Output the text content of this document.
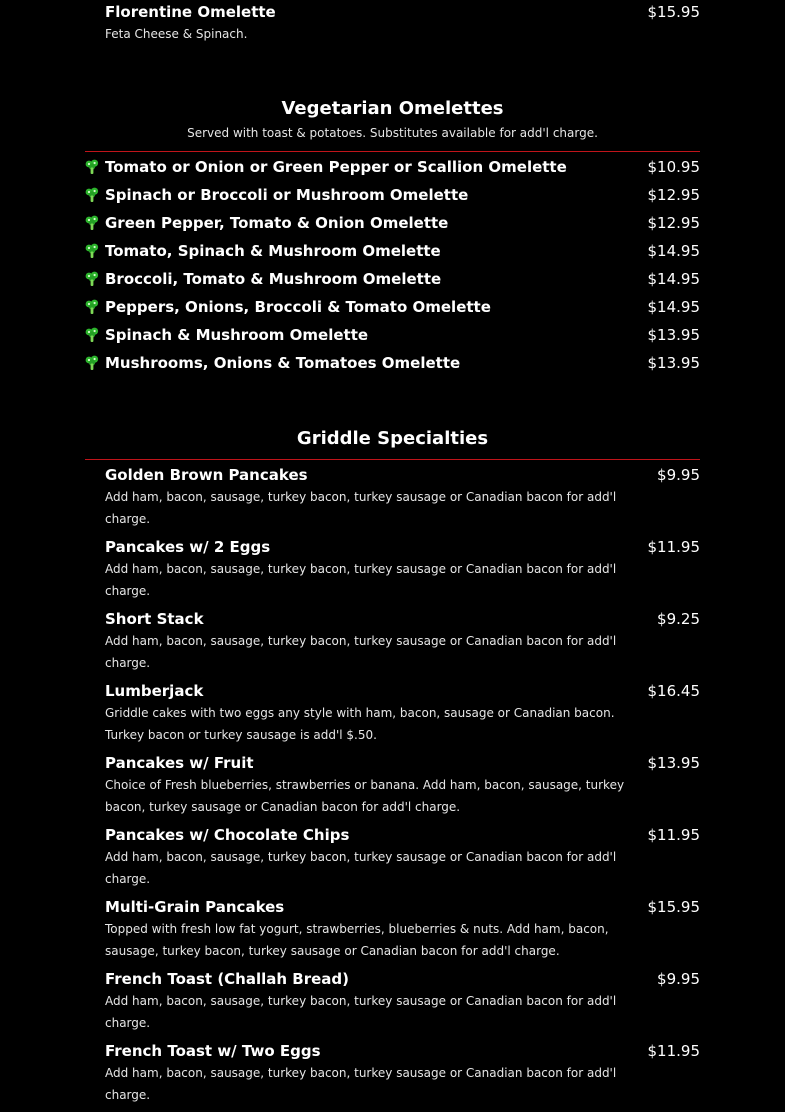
Florentine Omelette	$15.95
Feta Cheese & Spinach.
Vegetarian Omelettes
Served with toast & potatoes. Substitutes available for add'l charge.
Tomato or Onion or Green Pepper or Scallion Omelette	$10.95
Spinach or Broccoli or Mushroom Omelette	$12.95
Green Pepper, Tomato & Onion Omelette	$12.95
Tomato, Spinach & Mushroom Omelette	$14.95
Broccoli, Tomato & Mushroom Omelette	$14.95
Peppers, Onions, Broccoli & Tomato Omelette	$14.95
Spinach & Mushroom Omelette	$13.95
Mushrooms, Onions & Tomatoes Omelette	$13.95
Griddle Specialties
Golden Brown Pancakes	$9.95
Add ham, bacon, sausage, turkey bacon, turkey sausage or Canadian bacon for add'l charge.
Pancakes w/ 2 Eggs	$11.95
Add ham, bacon, sausage, turkey bacon, turkey sausage or Canadian bacon for add'l charge.
Short Stack	$9.25
Add ham, bacon, sausage, turkey bacon, turkey sausage or Canadian bacon for add'l charge.
Lumberjack	$16.45
Griddle cakes with two eggs any style with ham, bacon, sausage or Canadian bacon. Turkey bacon or turkey sausage is add'l $.50.
Pancakes w/ Fruit	$13.95
Choice of Fresh blueberries, strawberries or banana. Add ham, bacon, sausage, turkey bacon, turkey sausage or Canadian bacon for add'l charge.
Pancakes w/ Chocolate Chips	$11.95
Add ham, bacon, sausage, turkey bacon, turkey sausage or Canadian bacon for add'l charge.
Multi-Grain Pancakes	$15.95
Topped with fresh low fat yogurt, strawberries, blueberries & nuts. Add ham, bacon, sausage, turkey bacon, turkey sausage or Canadian bacon for add'l charge.
French Toast (Challah Bread)	$9.95
Add ham, bacon, sausage, turkey bacon, turkey sausage or Canadian bacon for add'l charge.
French Toast w/ Two Eggs	$11.95
Add ham, bacon, sausage, turkey bacon, turkey sausage or Canadian bacon for add'l charge.
